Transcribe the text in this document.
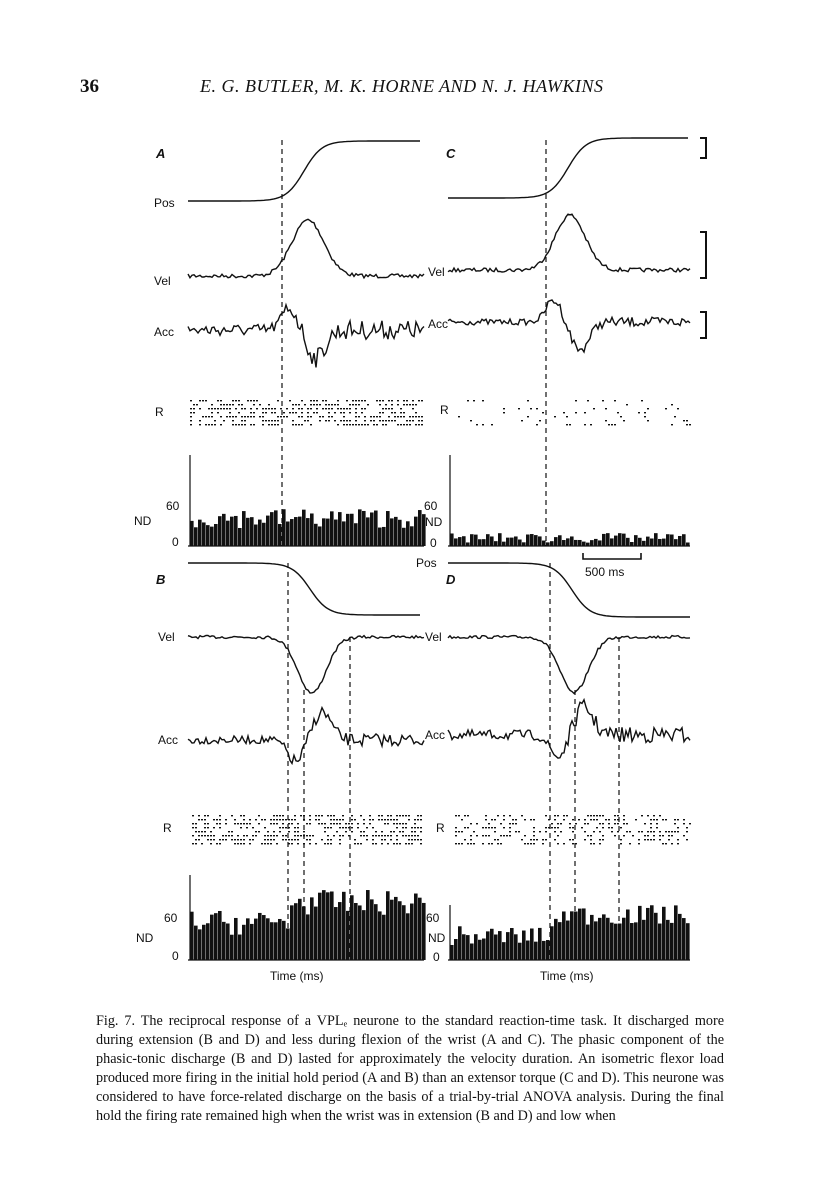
36	E. G. BUTLER, M. K. HORNE AND N. J. HAWKINS
A	C
B	D
Pos
Vel
Acc
R
ND
60
0
Vel
Acc
R
60
ND
0
Pos
500 ms
Vel
Acc
R
60
ND
0
Time (ms)
Vel
Acc
R
60
ND
0
Time (ms)
Fig. 7. The reciprocal response of a VPLₑ neurone to the standard reaction-time task. It discharged more during extension (B and D) and less during flexion of the wrist (A and C). The phasic component of the phasic-tonic discharge (B and D) lasted for approximately the velocity duration. An isometric flexor load produced more firing in the initial hold period (A and B) than an extensor torque (C and D). This neurone was considered to have force-related discharge on the basis of a trial-by-trial ANOVA analysis. During the final hold the firing rate remained high when the wrist was in extension (B and D) and low when
